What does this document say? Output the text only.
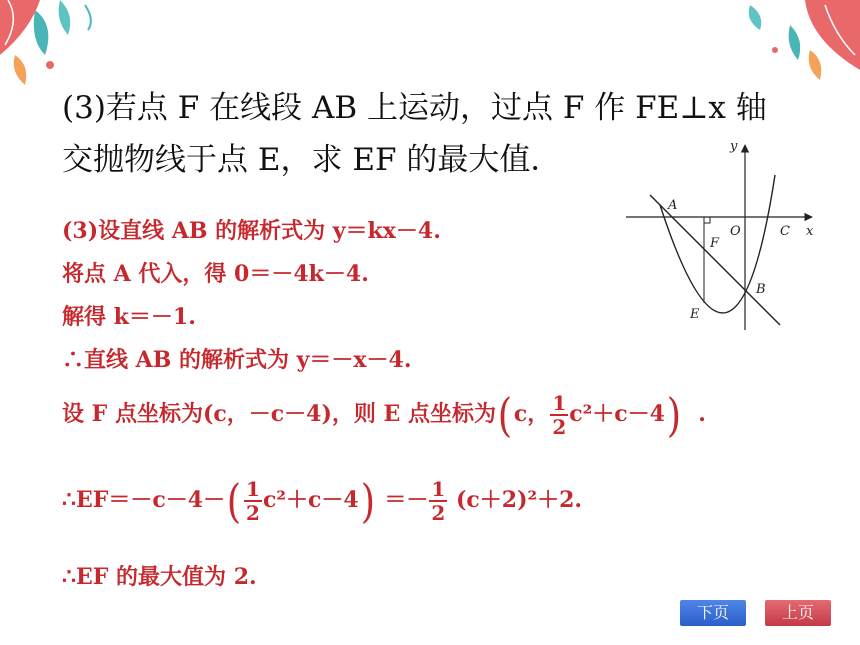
(3)若点 F 在线段 AB 上运动，过点 F 作 FE⊥x 轴
交抛物线于点 E，求 EF 的最大值．	y
x
A
O	C
F
B
E
(3)设直线 AB 的解析式为 y＝kx－4.
将点 A 代入，得 0＝－4k－4.
解得 k＝－1.
∴直线 AB 的解析式为 y＝－x－4.
设 F 点坐标为(c，－c－4)，则 E 点坐标为(c， $\frac{1}{2} c^2+c-4$) .
∴EF＝－c－4－( $\frac{1}{2} c^2+c-4) =- \frac{1}{2} (c+2)^2+2$.
∴EF 的最大值为 2.
下页	上页
